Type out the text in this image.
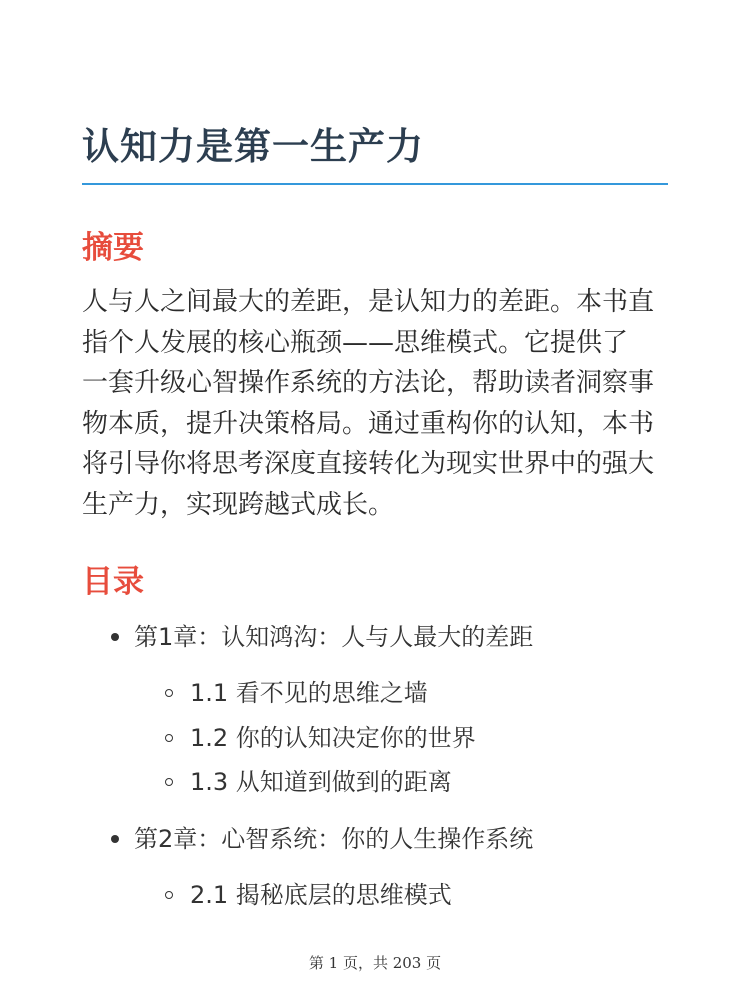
认知力是第一生产力
摘要

人与人之间最大的差距，是认知力的差距。本书直
指个人发展的核心瓶颈——思维模式。它提供了
一套升级心智操作系统的方法论，帮助读者洞察事
物本质，提升决策格局。通过重构你的认知，本书
将引导你将思考深度直接转化为现实世界中的强大
生产力，实现跨越式成长。

目录
第1章：认知鸿沟：人与人最大的差距
1.1 看不见的思维之墙
1.2 你的认知决定你的世界
1.3 从知道到做到的距离
第2章：心智系统：你的人生操作系统
2.1 揭秘底层的思维模式
第 1 页，共 203 页
